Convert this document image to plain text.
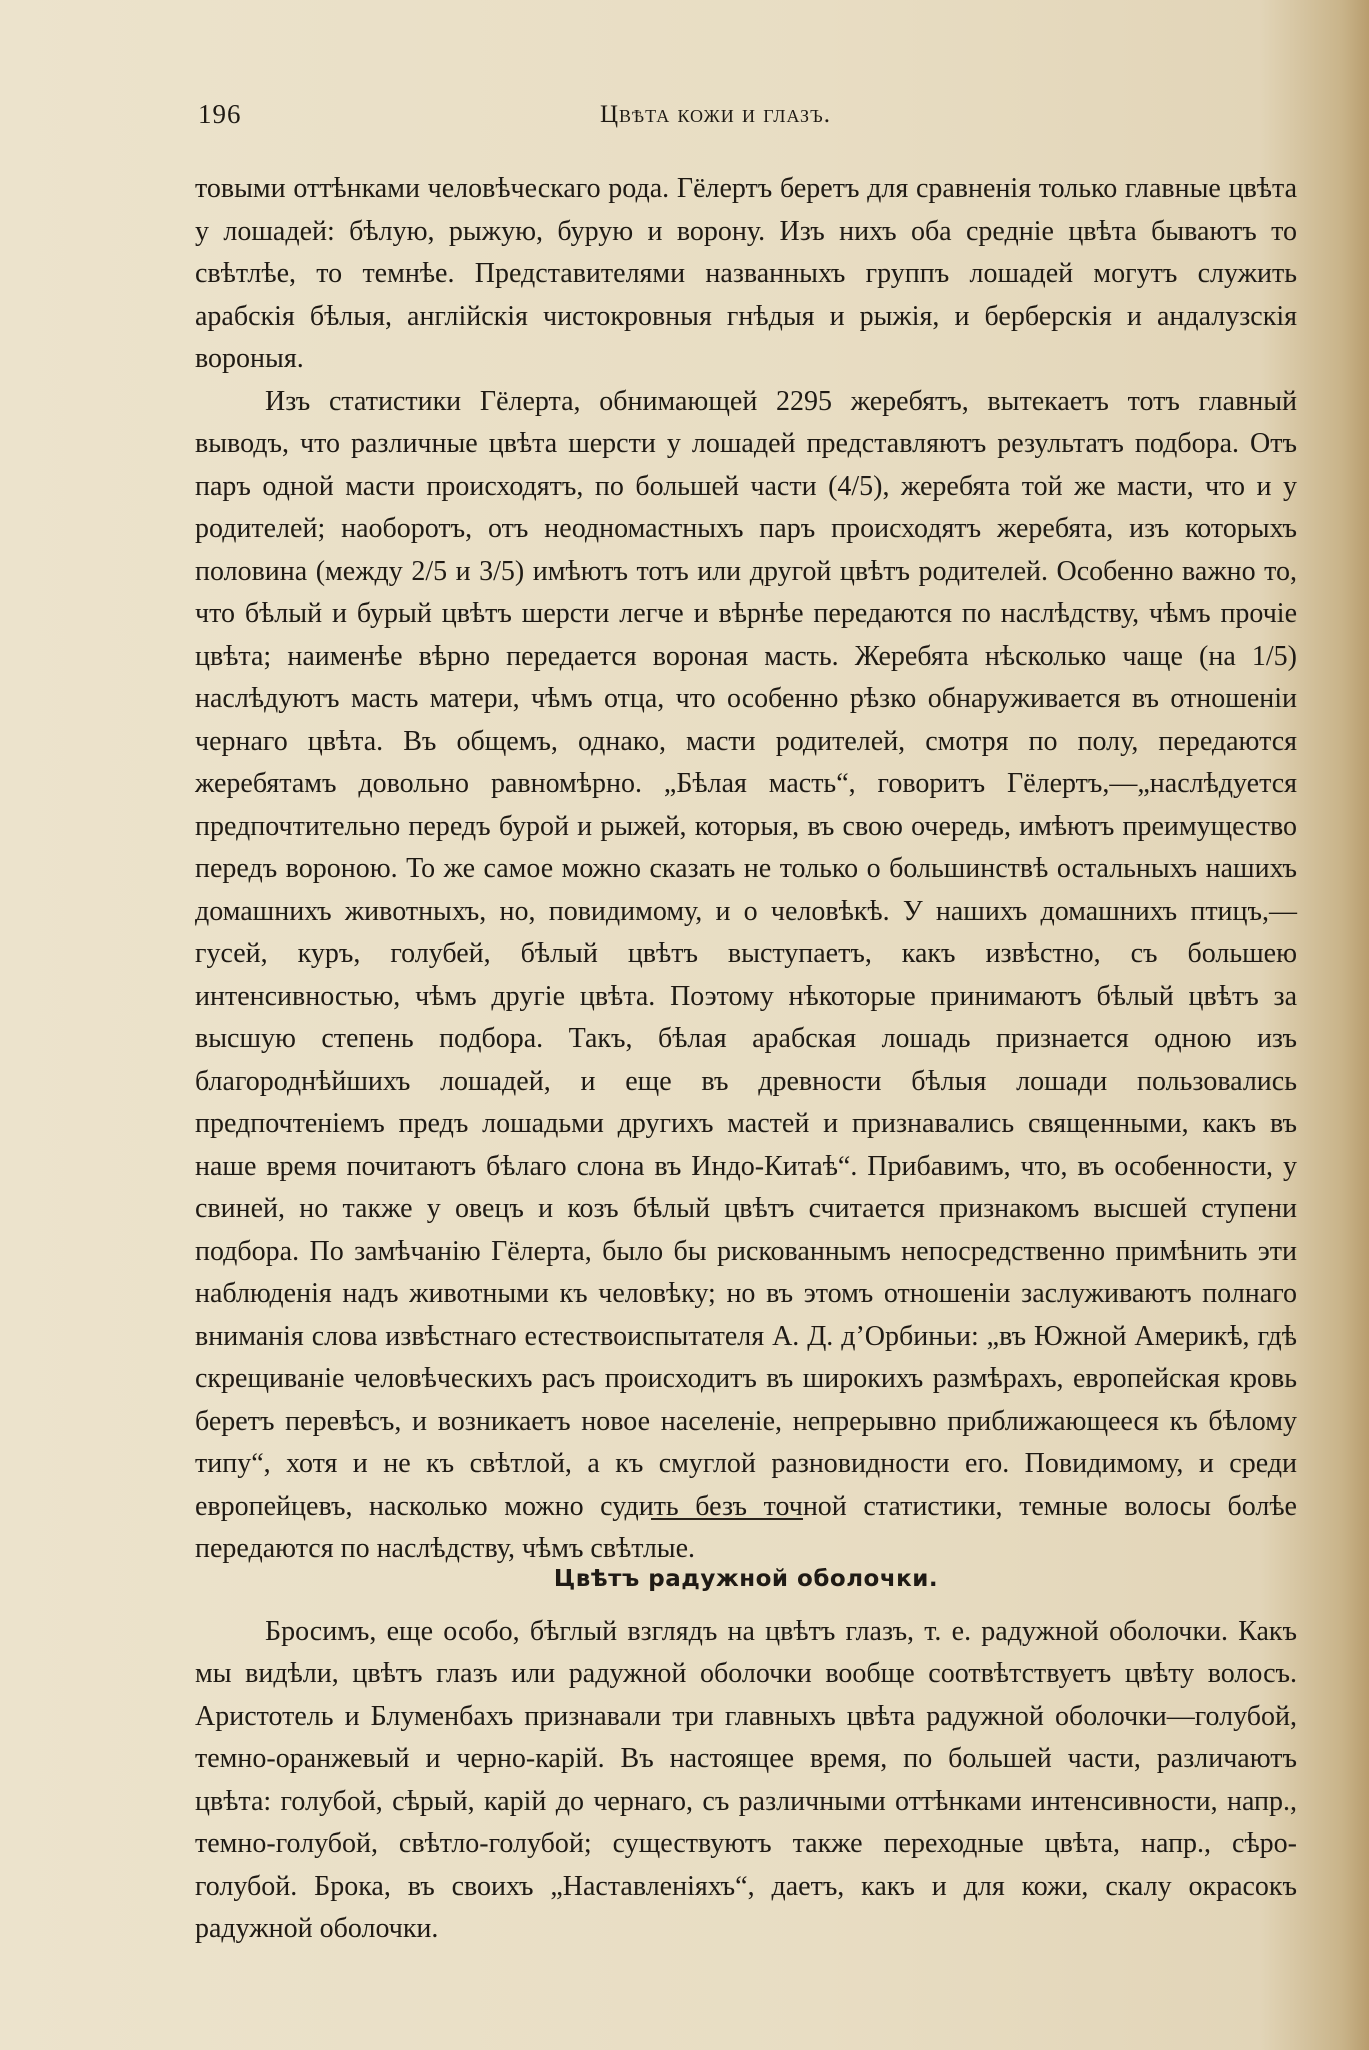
196	Цвѣта кожи и глазъ.

товыми оттѣнками человѣческаго рода. Гёлертъ беретъ для сравненія только главные цвѣта у лошадей: бѣлую, рыжую, бурую и ворону. Изъ нихъ оба средніе цвѣта бываютъ то свѣтлѣе, то темнѣе. Представителями названныхъ группъ лошадей могутъ служить арабскія бѣлыя, англійскія чистокровныя гнѣдыя и рыжія, и берберскія и андалузскія вороныя.

Изъ статистики Гёлерта, обнимающей 2295 жеребятъ, вытекаетъ тотъ главный выводъ, что различные цвѣта шерсти у лошадей представляютъ результатъ подбора. Отъ паръ одной масти происходятъ, по большей части (4/5), жеребята той же масти, что и у родителей; наоборотъ, отъ неодномастныхъ паръ происходятъ жеребята, изъ которыхъ половина (между 2/5 и 3/5) имѣютъ тотъ или другой цвѣтъ родителей. Особенно важно то, что бѣлый и бурый цвѣтъ шерсти легче и вѣрнѣе передаются по наслѣдству, чѣмъ прочіе цвѣта; наименѣе вѣрно передается вороная масть. Жеребята нѣсколько чаще (на 1/5) наслѣдуютъ масть матери, чѣмъ отца, что особенно рѣзко обнаруживается въ отношеніи чернаго цвѣта. Въ общемъ, однако, масти родителей, смотря по полу, передаются жеребятамъ довольно равномѣрно. „Бѣлая масть“, говоритъ Гёлертъ,—„наслѣдуется предпочтительно передъ бурой и рыжей, которыя, въ свою очередь, имѣютъ преимущество передъ вороною. То же самое можно сказать не только о большинствѣ остальныхъ нашихъ домашнихъ животныхъ, но, повидимому, и о человѣкѣ. У нашихъ домашнихъ птицъ,—гусей, куръ, голубей, бѣлый цвѣтъ выступаетъ, какъ извѣстно, съ большею интенсивностью, чѣмъ другіе цвѣта. Поэтому нѣкоторые принимаютъ бѣлый цвѣтъ за высшую степень подбора. Такъ, бѣлая арабская лошадь признается одною изъ благороднѣйшихъ лошадей, и еще въ древности бѣлыя лошади пользовались предпочтеніемъ предъ лошадьми другихъ мастей и признавались священными, какъ въ наше время почитаютъ бѣлаго слона въ Индо-Китаѣ“. Прибавимъ, что, въ особенности, у свиней, но также у овецъ и козъ бѣлый цвѣтъ считается признакомъ высшей ступени подбора. По замѣчанію Гёлерта, было бы рискованнымъ непосредственно примѣнить эти наблюденія надъ животными къ человѣку; но въ этомъ отношеніи заслуживаютъ полнаго вниманія слова извѣстнаго естествоиспытателя А. Д. д’Орбиньи: „въ Южной Америкѣ, гдѣ скрещиваніе человѣческихъ расъ происходитъ въ широкихъ размѣрахъ, европейская кровь беретъ перевѣсъ, и возникаетъ новое населеніе, непрерывно приближающееся къ бѣлому типу“, хотя и не къ свѣтлой, а къ смуглой разновидности его. Повидимому, и среди европейцевъ, насколько можно судить безъ точной статистики, темные волосы болѣе передаются по наслѣдству, чѣмъ свѣтлые.

Цвѣтъ радужной оболочки.

Бросимъ, еще особо, бѣглый взглядъ на цвѣтъ глазъ, т. е. радужной оболочки. Какъ мы видѣли, цвѣтъ глазъ или радужной оболочки вообще соотвѣтствуетъ цвѣту волосъ. Аристотель и Блуменбахъ признавали три главныхъ цвѣта радужной оболочки—голубой, темно-оранжевый и черно-карій. Въ настоящее время, по большей части, различаютъ цвѣта: голубой, сѣрый, карій до чернаго, съ различными оттѣнками интенсивности, напр., темно-голубой, свѣтло-голубой; существуютъ также переходные цвѣта, напр., сѣро-голубой. Брока, въ своихъ „Наставленіяхъ“, даетъ, какъ и для кожи, скалу окрасокъ радужной оболочки.
